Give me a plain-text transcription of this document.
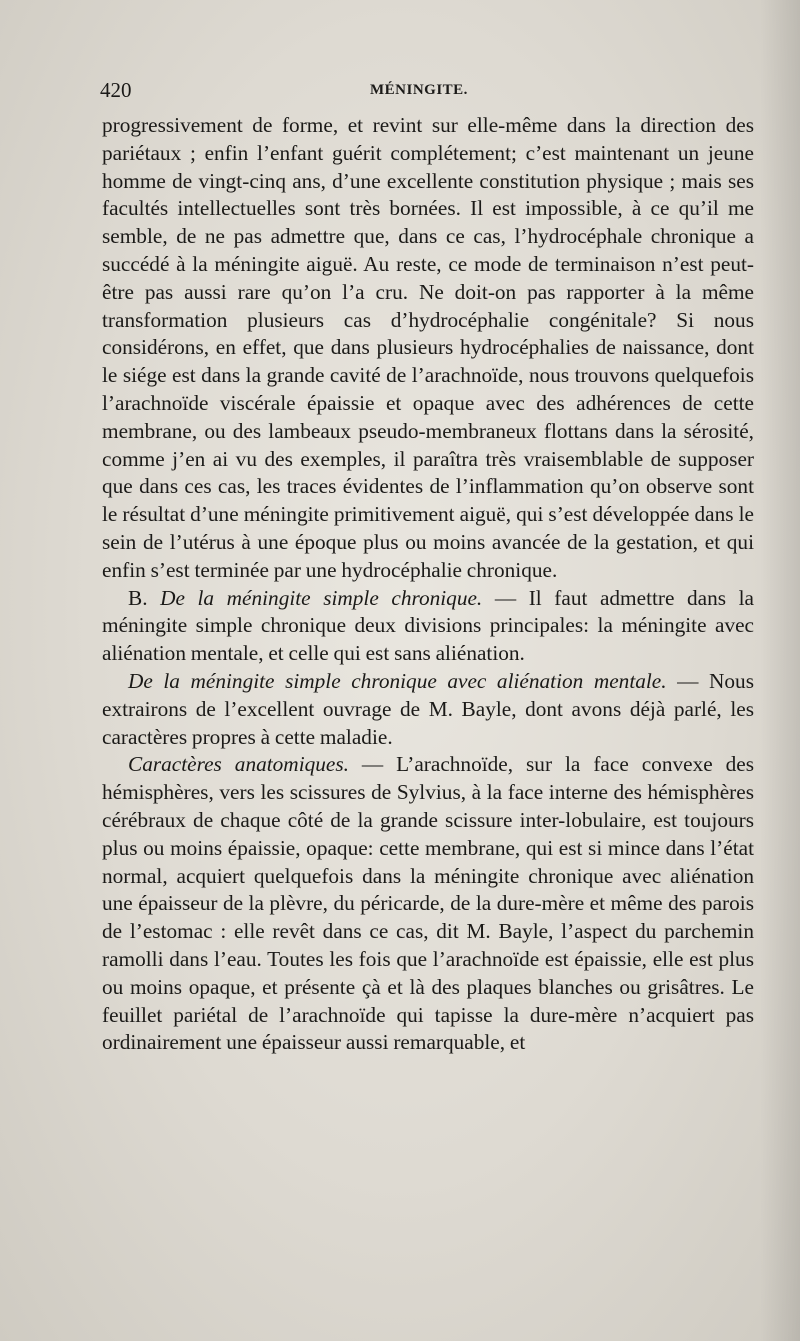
420	MÉNINGITE.

progressivement de forme, et revint sur elle-même dans la direction des pariétaux ; enfin l’enfant guérit complétement; c’est maintenant un jeune homme de vingt-cinq ans, d’une excellente constitution physique ; mais ses facultés intellectuelles sont très bornées. Il est impossible, à ce qu’il me semble, de ne pas admettre que, dans ce cas, l’hydrocéphale chronique a succédé à la méningite aiguë. Au reste, ce mode de terminaison n’est peut-être pas aussi rare qu’on l’a cru. Ne doit-on pas rapporter à la même transformation plusieurs cas d’hydrocéphalie congénitale? Si nous considérons, en effet, que dans plusieurs hydrocéphalies de naissance, dont le siége est dans la grande cavité de l’arachnoïde, nous trouvons quelquefois l’arachnoïde viscérale épaissie et opaque avec des adhérences de cette membrane, ou des lambeaux pseudo-membraneux flottans dans la sérosité, comme j’en ai vu des exemples, il paraîtra très vraisemblable de supposer que dans ces cas, les traces évidentes de l’inflammation qu’on observe sont le résultat d’une méningite primitivement aiguë, qui s’est développée dans le sein de l’utérus à une époque plus ou moins avancée de la gestation, et qui enfin s’est terminée par une hydrocéphalie chronique.

B. De la méningite simple chronique. — Il faut admettre dans la méningite simple chronique deux divisions principales: la méningite avec aliénation mentale, et celle qui est sans aliénation.

De la méningite simple chronique avec aliénation mentale. — Nous extrairons de l’excellent ouvrage de M. Bayle, dont avons déjà parlé, les caractères propres à cette maladie.

Caractères anatomiques. — L’arachnoïde, sur la face convexe des hémisphères, vers les scissures de Sylvius, à la face interne des hémisphères cérébraux de chaque côté de la grande scissure inter-lobulaire, est toujours plus ou moins épaissie, opaque: cette membrane, qui est si mince dans l’état normal, acquiert quelquefois dans la méningite chronique avec aliénation une épaisseur de la plèvre, du péricarde, de la dure-mère et même des parois de l’estomac : elle revêt dans ce cas, dit M. Bayle, l’aspect du parchemin ramolli dans l’eau. Toutes les fois que l’arachnoïde est épaissie, elle est plus ou moins opaque, et présente çà et là des plaques blanches ou grisâtres. Le feuillet pariétal de l’arachnoïde qui tapisse la dure-mère n’acquiert pas ordinairement une épaisseur aussi remarquable, et
